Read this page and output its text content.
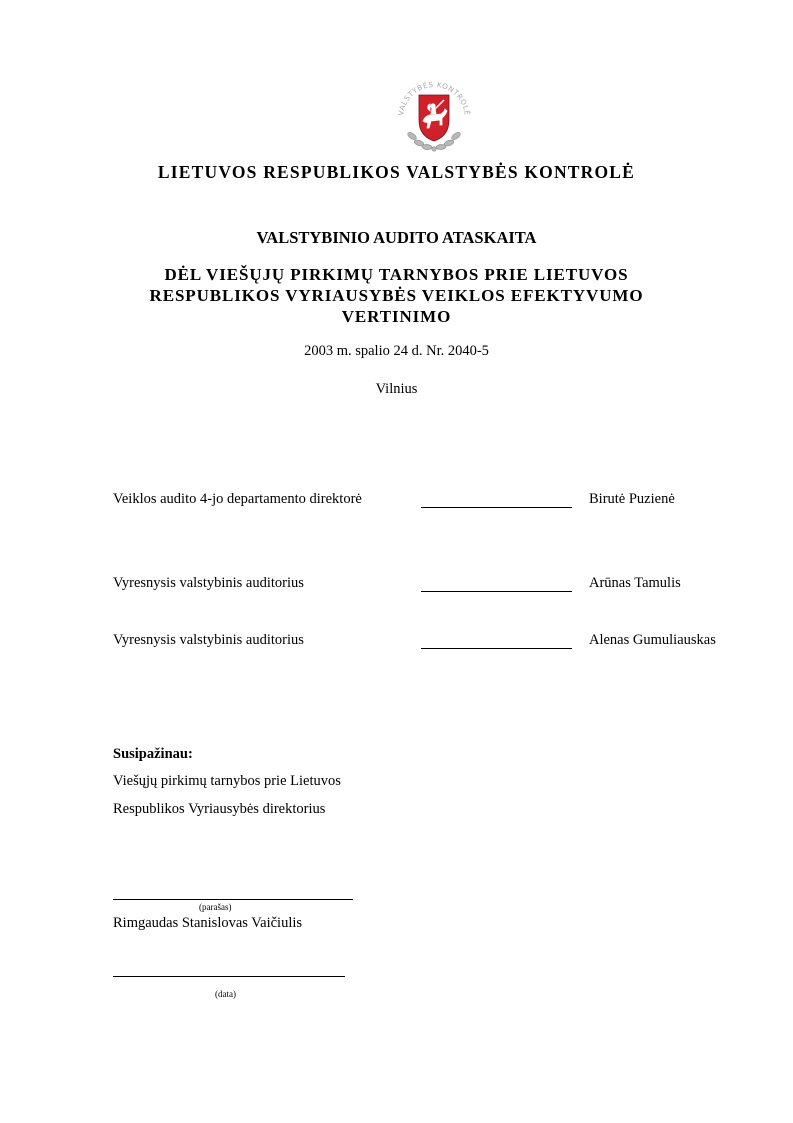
VALSTYBĖS KONTROLĖ
LIETUVOS RESPUBLIKOS VALSTYBĖS KONTROLĖ
VALSTYBINIO AUDITO ATASKAITA
DĖL VIEŠŲJŲ PIRKIMŲ TARNYBOS PRIE LIETUVOS
RESPUBLIKOS VYRIAUSYBĖS VEIKLOS EFEKTYVUMO
VERTINIMO
2003 m. spalio 24 d. Nr. 2040-5
Vilnius
Veiklos audito 4-jo departamento direktorė	Birutė Puzienė
Vyresnysis valstybinis auditorius	Arūnas Tamulis
Vyresnysis valstybinis auditorius	Alenas Gumuliauskas
Susipažinau:
Viešųjų pirkimų tarnybos prie Lietuvos
Respublikos Vyriausybės direktorius
(parašas)
Rimgaudas Stanislovas Vaičiulis
(data)
